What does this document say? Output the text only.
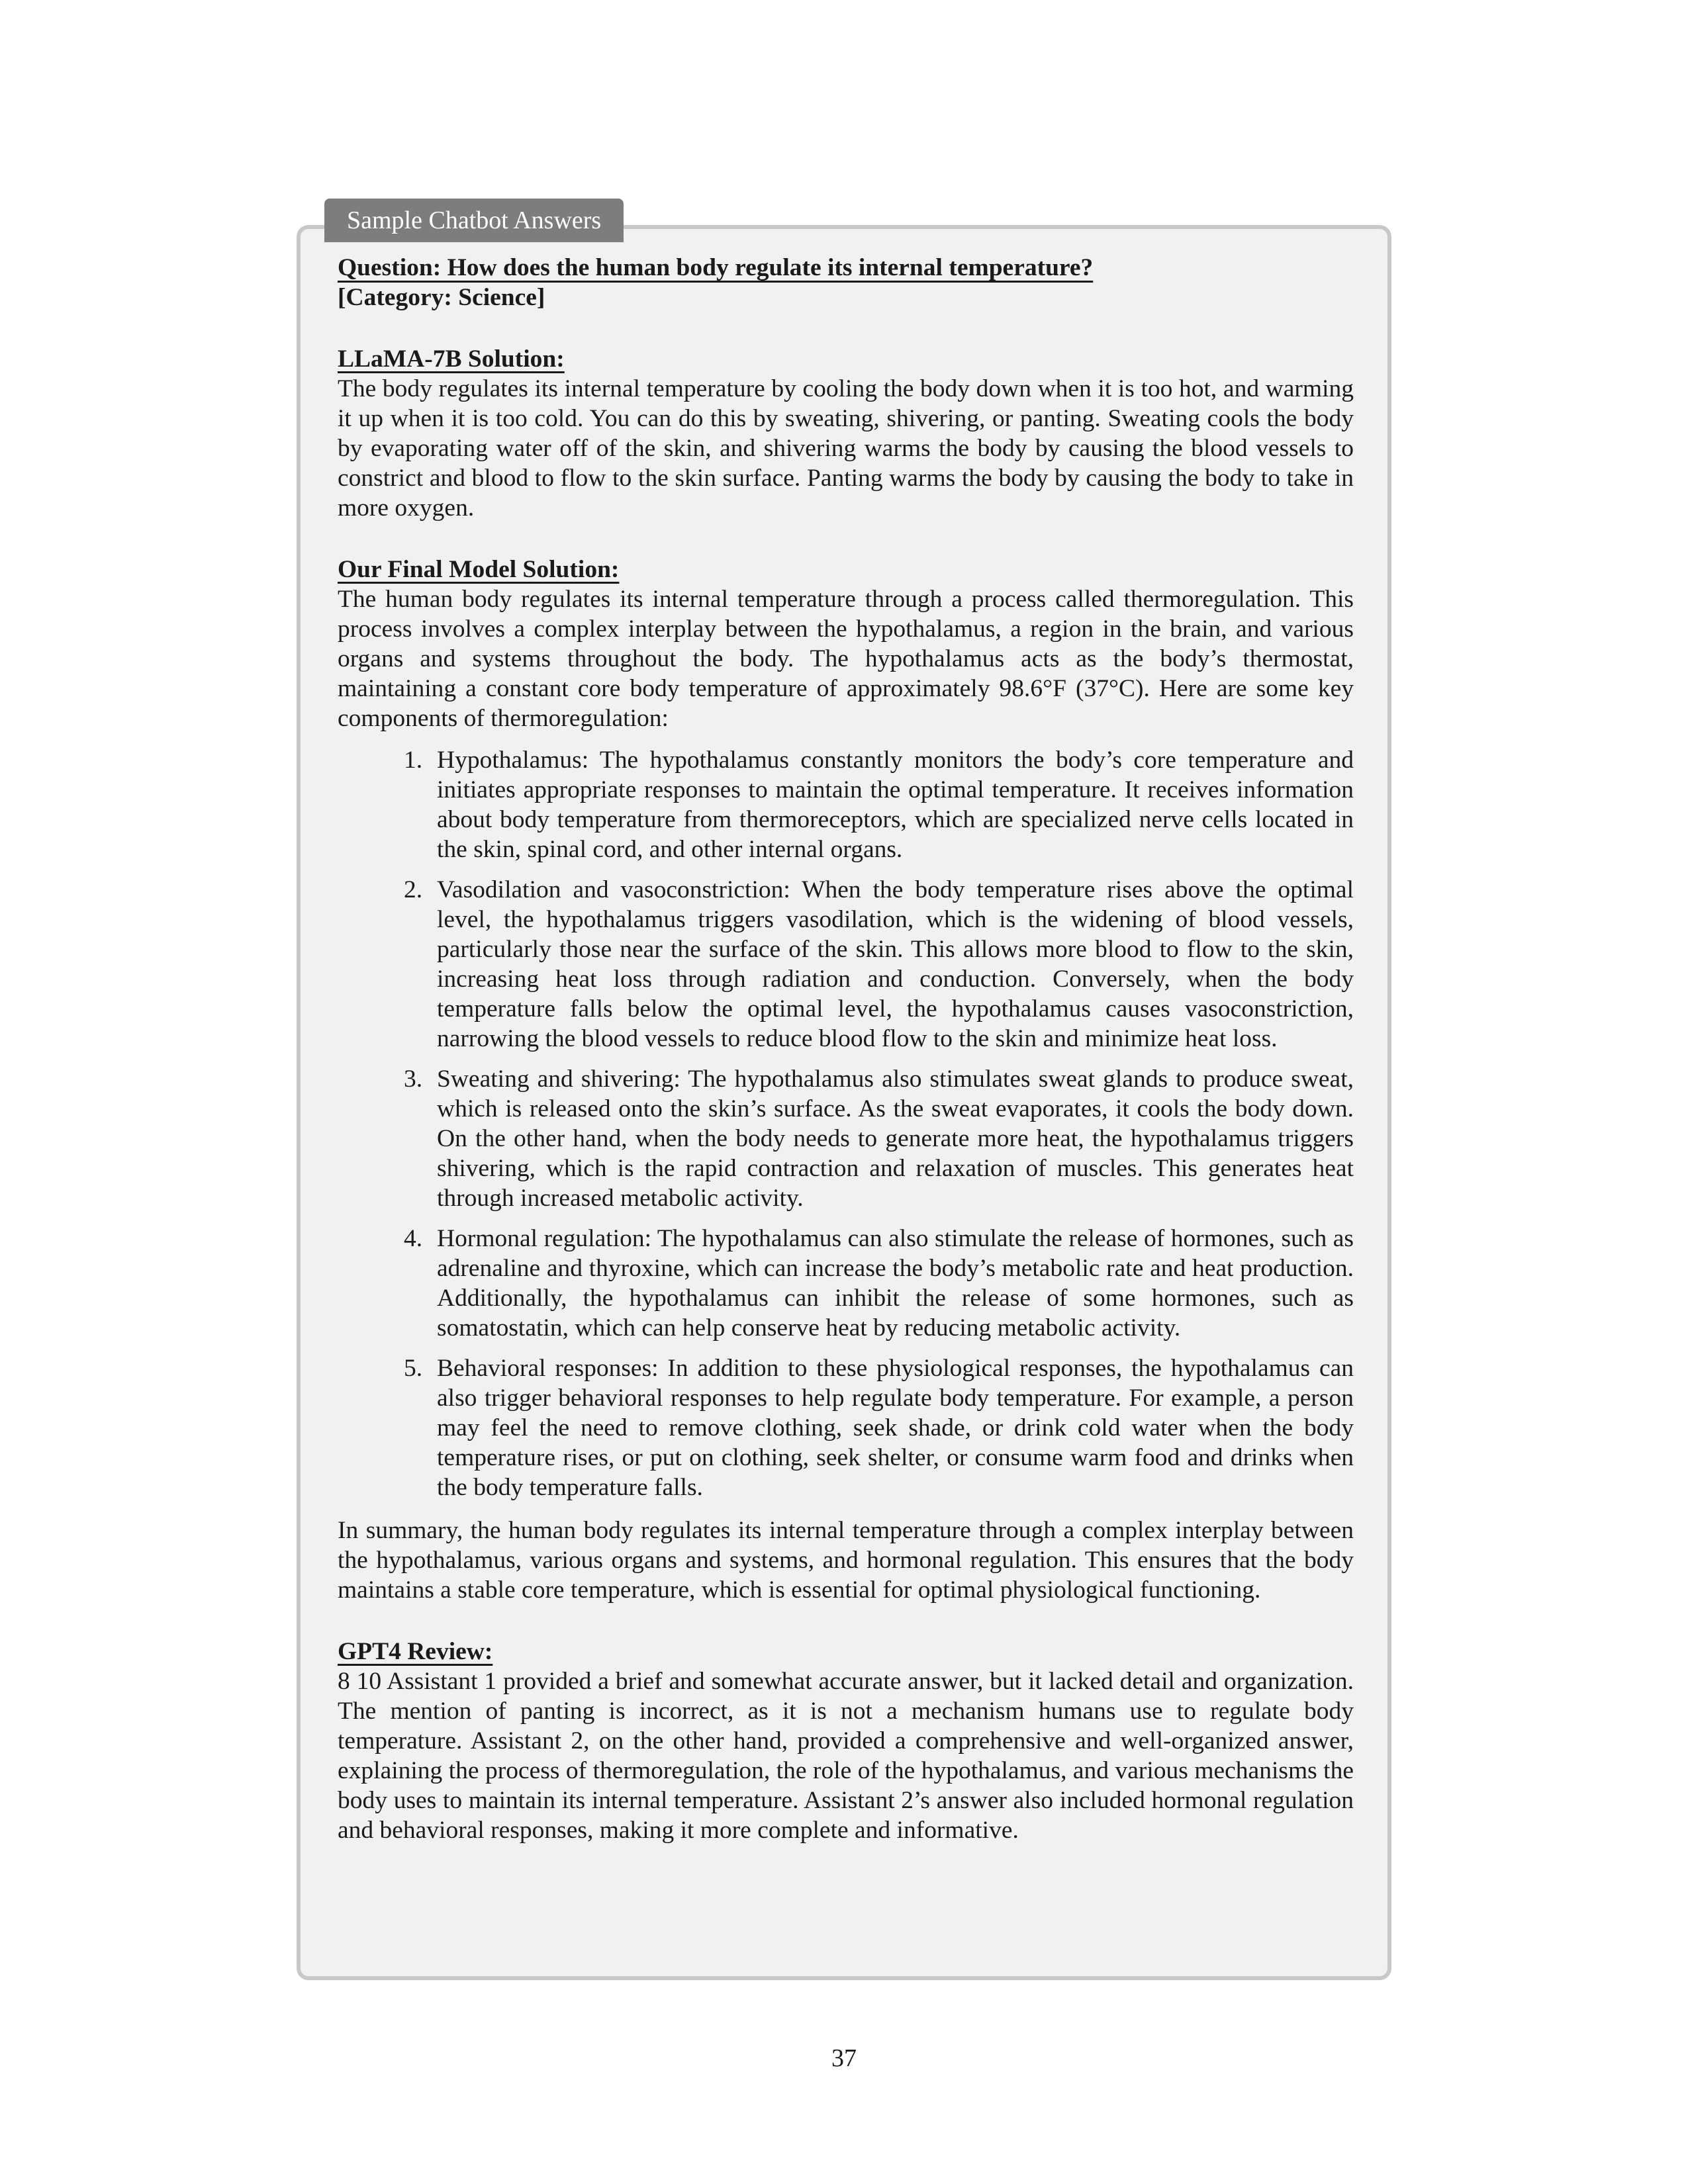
Sample Chatbot Answers
Question: How does the human body regulate its internal temperature?
[Category: Science]
LLaMA-7B Solution:

The body regulates its internal temperature by cooling the body down when it is too hot, and warming it up when it is too cold. You can do this by sweating, shivering, or panting. Sweating cools the body by evaporating water off of the skin, and shivering warms the body by causing the blood vessels to constrict and blood to flow to the skin surface. Panting warms the body by causing the body to take in more oxygen.

Our Final Model Solution:

The human body regulates its internal temperature through a process called thermoregulation. This process involves a complex interplay between the hypothalamus, a region in the brain, and various organs and systems throughout the body. The hypothalamus acts as the body’s thermostat, maintaining a constant core body temperature of approximately 98.6°F (37°C). Here are some key components of thermoregulation:

1. Hypothalamus: The hypothalamus constantly monitors the body’s core temperature and initiates appropriate responses to maintain the optimal temperature. It receives information about body temperature from thermoreceptors, which are specialized nerve cells located in the skin, spinal cord, and other internal organs.
2. Vasodilation and vasoconstriction: When the body temperature rises above the optimal level, the hypothalamus triggers vasodilation, which is the widening of blood vessels, particularly those near the surface of the skin. This allows more blood to flow to the skin, increasing heat loss through radiation and conduction. Conversely, when the body temperature falls below the optimal level, the hypothalamus causes vasoconstriction, narrowing the blood vessels to reduce blood flow to the skin and minimize heat loss.
3. Sweating and shivering: The hypothalamus also stimulates sweat glands to produce sweat, which is released onto the skin’s surface. As the sweat evaporates, it cools the body down. On the other hand, when the body needs to generate more heat, the hypothalamus triggers shivering, which is the rapid contraction and relaxation of muscles. This generates heat through increased metabolic activity.
4. Hormonal regulation: The hypothalamus can also stimulate the release of hormones, such as adrenaline and thyroxine, which can increase the body’s metabolic rate and heat production. Additionally, the hypothalamus can inhibit the release of some hormones, such as somatostatin, which can help conserve heat by reducing metabolic activity.
5. Behavioral responses: In addition to these physiological responses, the hypothalamus can also trigger behavioral responses to help regulate body temperature. For example, a person may feel the need to remove clothing, seek shade, or drink cold water when the body temperature rises, or put on clothing, seek shelter, or consume warm food and drinks when the body temperature falls.

In summary, the human body regulates its internal temperature through a complex interplay between the hypothalamus, various organs and systems, and hormonal regulation. This ensures that the body maintains a stable core temperature, which is essential for optimal physiological functioning.

GPT4 Review:

8 10 Assistant 1 provided a brief and somewhat accurate answer, but it lacked detail and organization. The mention of panting is incorrect, as it is not a mechanism humans use to regulate body temperature. Assistant 2, on the other hand, provided a comprehensive and well-organized answer, explaining the process of thermoregulation, the role of the hypothalamus, and various mechanisms the body uses to maintain its internal temperature. Assistant 2’s answer also included hormonal regulation and behavioral responses, making it more complete and informative.

37
